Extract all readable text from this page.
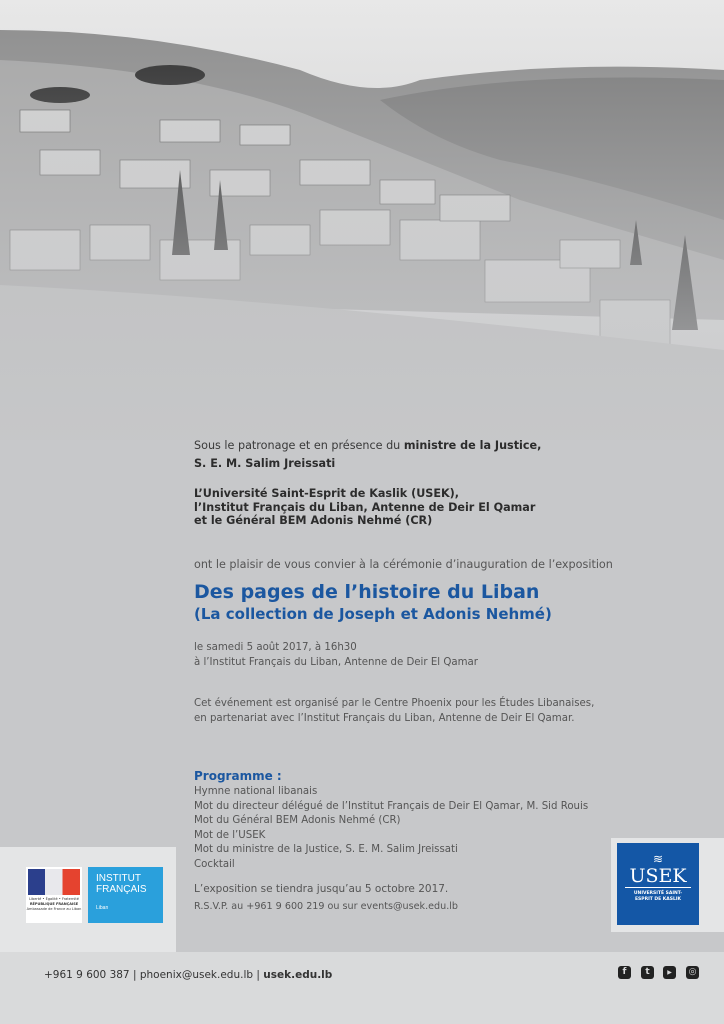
Sous le patronage et en présence du ministre de la Justice,
S. E. M. Salim Jreissati
L’Université Saint-Esprit de Kaslik (USEK),
l’Institut Français du Liban, Antenne de Deir El Qamar
et le Général BEM Adonis Nehmé (CR)
ont le plaisir de vous convier à la cérémonie d’inauguration de l’exposition
Des pages de l’histoire du Liban
(La collection de Joseph et Adonis Nehmé)
le samedi 5 août 2017, à 16h30
à l’Institut Français du Liban, Antenne de Deir El Qamar
Cet événement est organisé par le Centre Phoenix pour les Études Libanaises,
en partenariat avec l’Institut Français du Liban, Antenne de Deir El Qamar.
Programme :
Hymne national libanais
Mot du directeur délégué de l’Institut Français de Deir El Qamar, M. Sid Rouis
Mot du Général BEM Adonis Nehmé (CR)
Mot de l’USEK
Mot du ministre de la Justice, S. E. M. Salim Jreissati
Cocktail
L’exposition se tiendra jusqu’au 5 octobre 2017.
R.S.V.P. au +961 9 600 219 ou sur events@usek.edu.lb
Liberté • Égalité • Fraternité
RÉPUBLIQUE FRANÇAISE
Ambassade de France au Liban
INSTITUT
FRANÇAIS
Liban
≋
USEK
UNIVERSITÉ SAINT-ESPRIT DE KASLIK
+961 9 600 387 | phoenix@usek.edu.lb | usek.edu.lb	f	t	▶	◎
